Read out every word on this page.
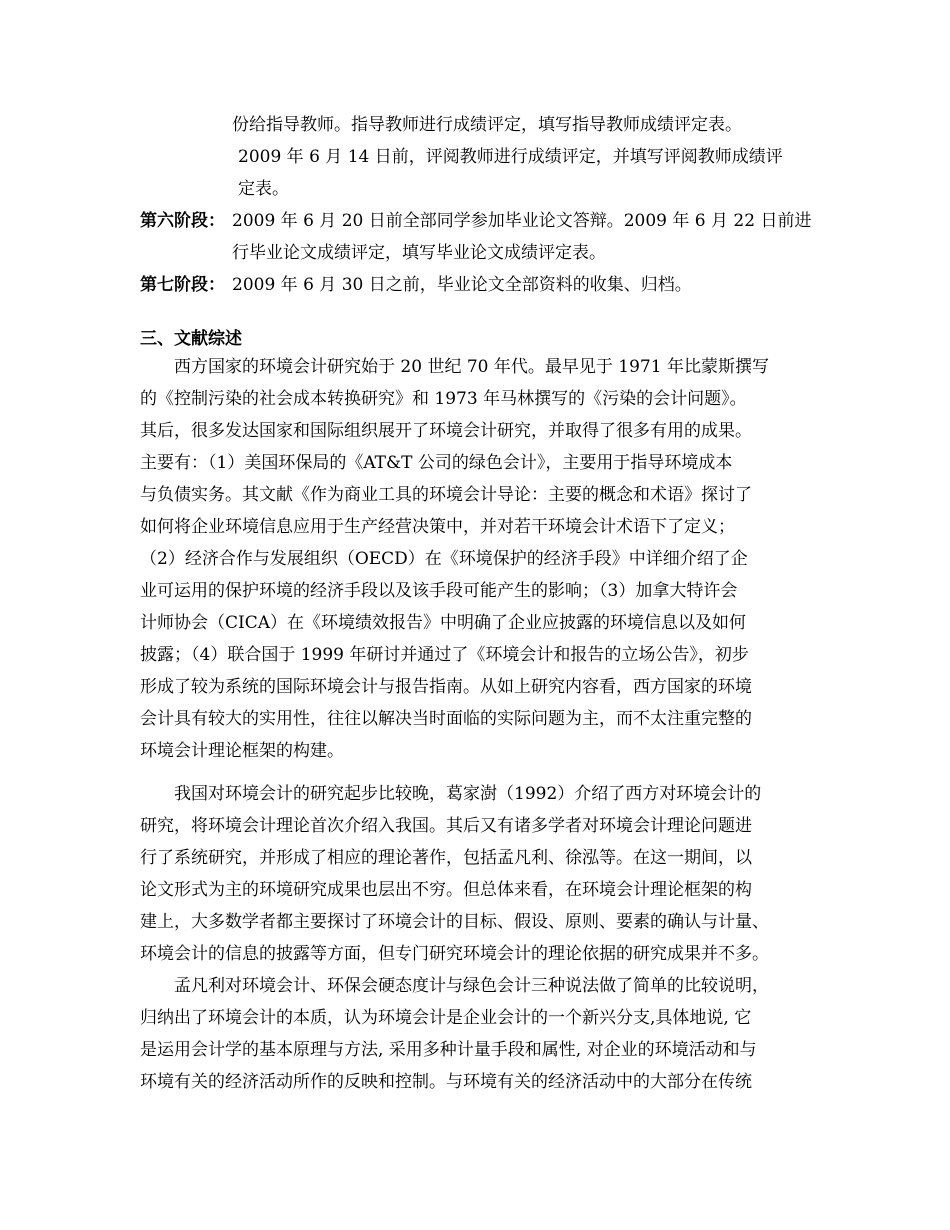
份给指导教师。指导教师进行成绩评定，填写指导教师成绩评定表。
2009 年 6 月 14 日前，评阅教师进行成绩评定，并填写评阅教师成绩评
定表。
第六阶段： 2009 年 6 月 20 日前全部同学参加毕业论文答辩。2009 年 6 月 22 日前进
行毕业论文成绩评定，填写毕业论文成绩评定表。
第七阶段： 2009 年 6 月 30 日之前，毕业论文全部资料的收集、归档。
三、文献综述
西方国家的环境会计研究始于 20 世纪 70 年代。最早见于 1971 年比蒙斯撰写
的《控制污染的社会成本转换研究》和 1973 年马林撰写的《污染的会计问题》。
其后，很多发达国家和国际组织展开了环境会计研究，并取得了很多有用的成果。
主要有：（1）美国环保局的《AT&T 公司的绿色会计》，主要用于指导环境成本
与负债实务。其文献《作为商业工具的环境会计导论：主要的概念和术语》探讨了
如何将企业环境信息应用于生产经营决策中，并对若干环境会计术语下了定义；
（2）经济合作与发展组织（OECD）在《环境保护的经济手段》中详细介绍了企
业可运用的保护环境的经济手段以及该手段可能产生的影响；（3）加拿大特许会
计师协会（CICA）在《环境绩效报告》中明确了企业应披露的环境信息以及如何
披露；（4）联合国于 1999 年研讨并通过了《环境会计和报告的立场公告》，初步
形成了较为系统的国际环境会计与报告指南。从如上研究内容看，西方国家的环境
会计具有较大的实用性，往往以解决当时面临的实际问题为主，而不太注重完整的
环境会计理论框架的构建。
我国对环境会计的研究起步比较晚，葛家澍（1992）介绍了西方对环境会计的
研究，将环境会计理论首次介绍入我国。其后又有诸多学者对环境会计理论问题进
行了系统研究，并形成了相应的理论著作，包括孟凡利、徐泓等。在这一期间，以
论文形式为主的环境研究成果也层出不穷。但总体来看，在环境会计理论框架的构
建上，大多数学者都主要探讨了环境会计的目标、假设、原则、要素的确认与计量、
环境会计的信息的披露等方面，但专门研究环境会计的理论依据的研究成果并不多。
孟凡利对环境会计、环保会硬态度计与绿色会计三种说法做了简单的比较说明，
归纳出了环境会计的本质，认为环境会计是企业会计的一个新兴分支,具体地说, 它
是运用会计学的基本原理与方法, 采用多种计量手段和属性, 对企业的环境活动和与
环境有关的经济活动所作的反映和控制。与环境有关的经济活动中的大部分在传统
